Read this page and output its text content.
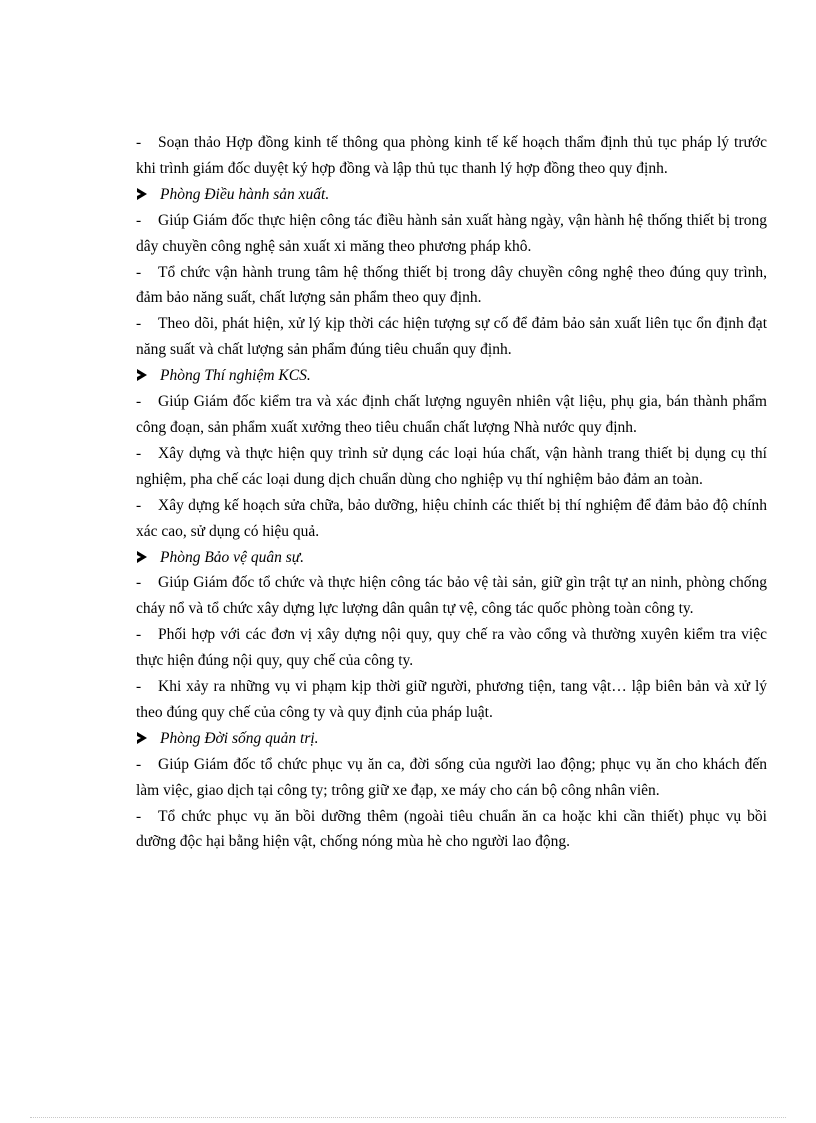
- Soạn thảo Hợp đồng kinh tế thông qua phòng kinh tế kế hoạch thẩm định thủ tục pháp lý trước khi trình giám đốc duyệt ký hợp đồng và lập thủ tục thanh lý hợp đồng theo quy định.

Phòng Điều hành sản xuất.

- Giúp Giám đốc thực hiện công tác điều hành sản xuất hàng ngày, vận hành hệ thống thiết bị trong dây chuyền công nghệ sản xuất xi măng theo phương pháp khô.

- Tổ chức vận hành trung tâm hệ thống thiết bị trong dây chuyền công nghệ theo đúng quy trình, đảm bảo năng suất, chất lượng sản phẩm theo quy định.

- Theo dõi, phát hiện, xử lý kịp thời các hiện tượng sự cố để đảm bảo sản xuất liên tục ổn định đạt năng suất và chất lượng sản phẩm đúng tiêu chuẩn quy định.

Phòng Thí nghiệm KCS.

- Giúp Giám đốc kiểm tra và xác định chất lượng nguyên nhiên vật liệu, phụ gia, bán thành phẩm công đoạn, sản phẩm xuất xưởng theo tiêu chuẩn chất lượng Nhà nước quy định.

- Xây dựng và thực hiện quy trình sử dụng các loại húa chất, vận hành trang thiết bị dụng cụ thí nghiệm, pha chế các loại dung dịch chuẩn dùng cho nghiệp vụ thí nghiệm bảo đảm an toàn.

- Xây dựng kế hoạch sửa chữa, bảo dưỡng, hiệu chỉnh các thiết bị thí nghiệm để đảm bảo độ chính xác cao, sử dụng có hiệu quả.

Phòng Bảo vệ quân sự.

- Giúp Giám đốc tổ chức và thực hiện công tác bảo vệ tài sản, giữ gìn trật tự an ninh, phòng chống cháy nổ và tổ chức xây dựng lực lượng dân quân tự vệ, công tác quốc phòng toàn công ty.

- Phối hợp với các đơn vị xây dựng nội quy, quy chế ra vào cổng và thường xuyên kiểm tra việc thực hiện đúng nội quy, quy chế của công ty.

- Khi xảy ra những vụ vi phạm kịp thời giữ người, phương tiện, tang vật… lập biên bản và xử lý theo đúng quy chế của công ty và quy định của pháp luật.

Phòng Đời sống quản trị.

- Giúp Giám đốc tổ chức phục vụ ăn ca, đời sống của người lao động; phục vụ ăn cho khách đến làm việc, giao dịch tại công ty; trông giữ xe đạp, xe máy cho cán bộ công nhân viên.

- Tổ chức phục vụ ăn bồi dưỡng thêm (ngoài tiêu chuẩn ăn ca hoặc khi cần thiết) phục vụ bồi dưỡng độc hại bằng hiện vật, chống nóng mùa hè cho người lao động.
